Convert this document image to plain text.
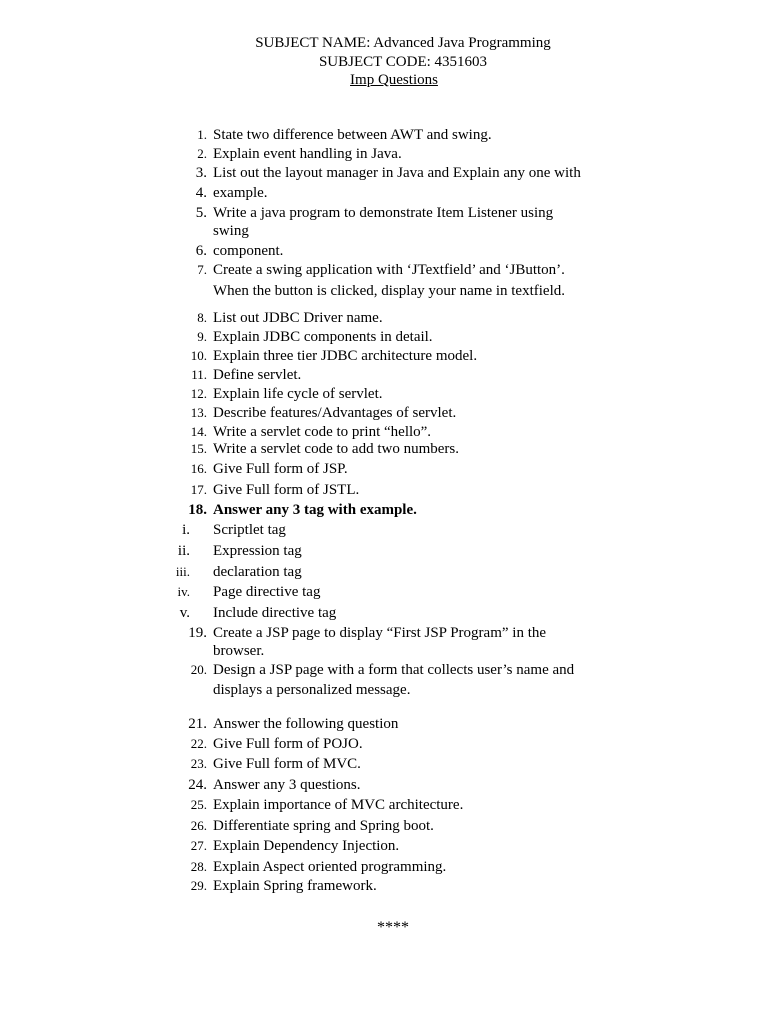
SUBJECT NAME: Advanced Java Programming
SUBJECT CODE: 4351603
Imp Questions
1. State two difference between AWT and swing.
2. Explain event handling in Java.
3. List out the layout manager in Java and Explain any one with
4. example.
5. Write a java program to demonstrate Item Listener using
swing
6. component.
7. Create a swing application with ‘JTextfield’ and ‘JButton’.
When the button is clicked, display your name in textfield.
8. List out JDBC Driver name.
9. Explain JDBC components in detail.
10. Explain three tier JDBC architecture model.
11. Define servlet.
12. Explain life cycle of servlet.
13. Describe features/Advantages of servlet.
14. Write a servlet code to print “hello”.
15. Write a servlet code to add two numbers.
16. Give Full form of JSP.
17. Give Full form of JSTL.
18. Answer any 3 tag with example.
i. Scriptlet tag
ii. Expression tag
iii. declaration tag
iv. Page directive tag
v. Include directive tag
19. Create a JSP page to display “First JSP Program” in the
browser.
20. Design a JSP page with a form that collects user’s name and
displays a personalized message.
21. Answer the following question
22. Give Full form of POJO.
23. Give Full form of MVC.
24. Answer any 3 questions.
25. Explain importance of MVC architecture.
26. Differentiate spring and Spring boot.
27. Explain Dependency Injection.
28. Explain Aspect oriented programming.
29. Explain Spring framework.
****
